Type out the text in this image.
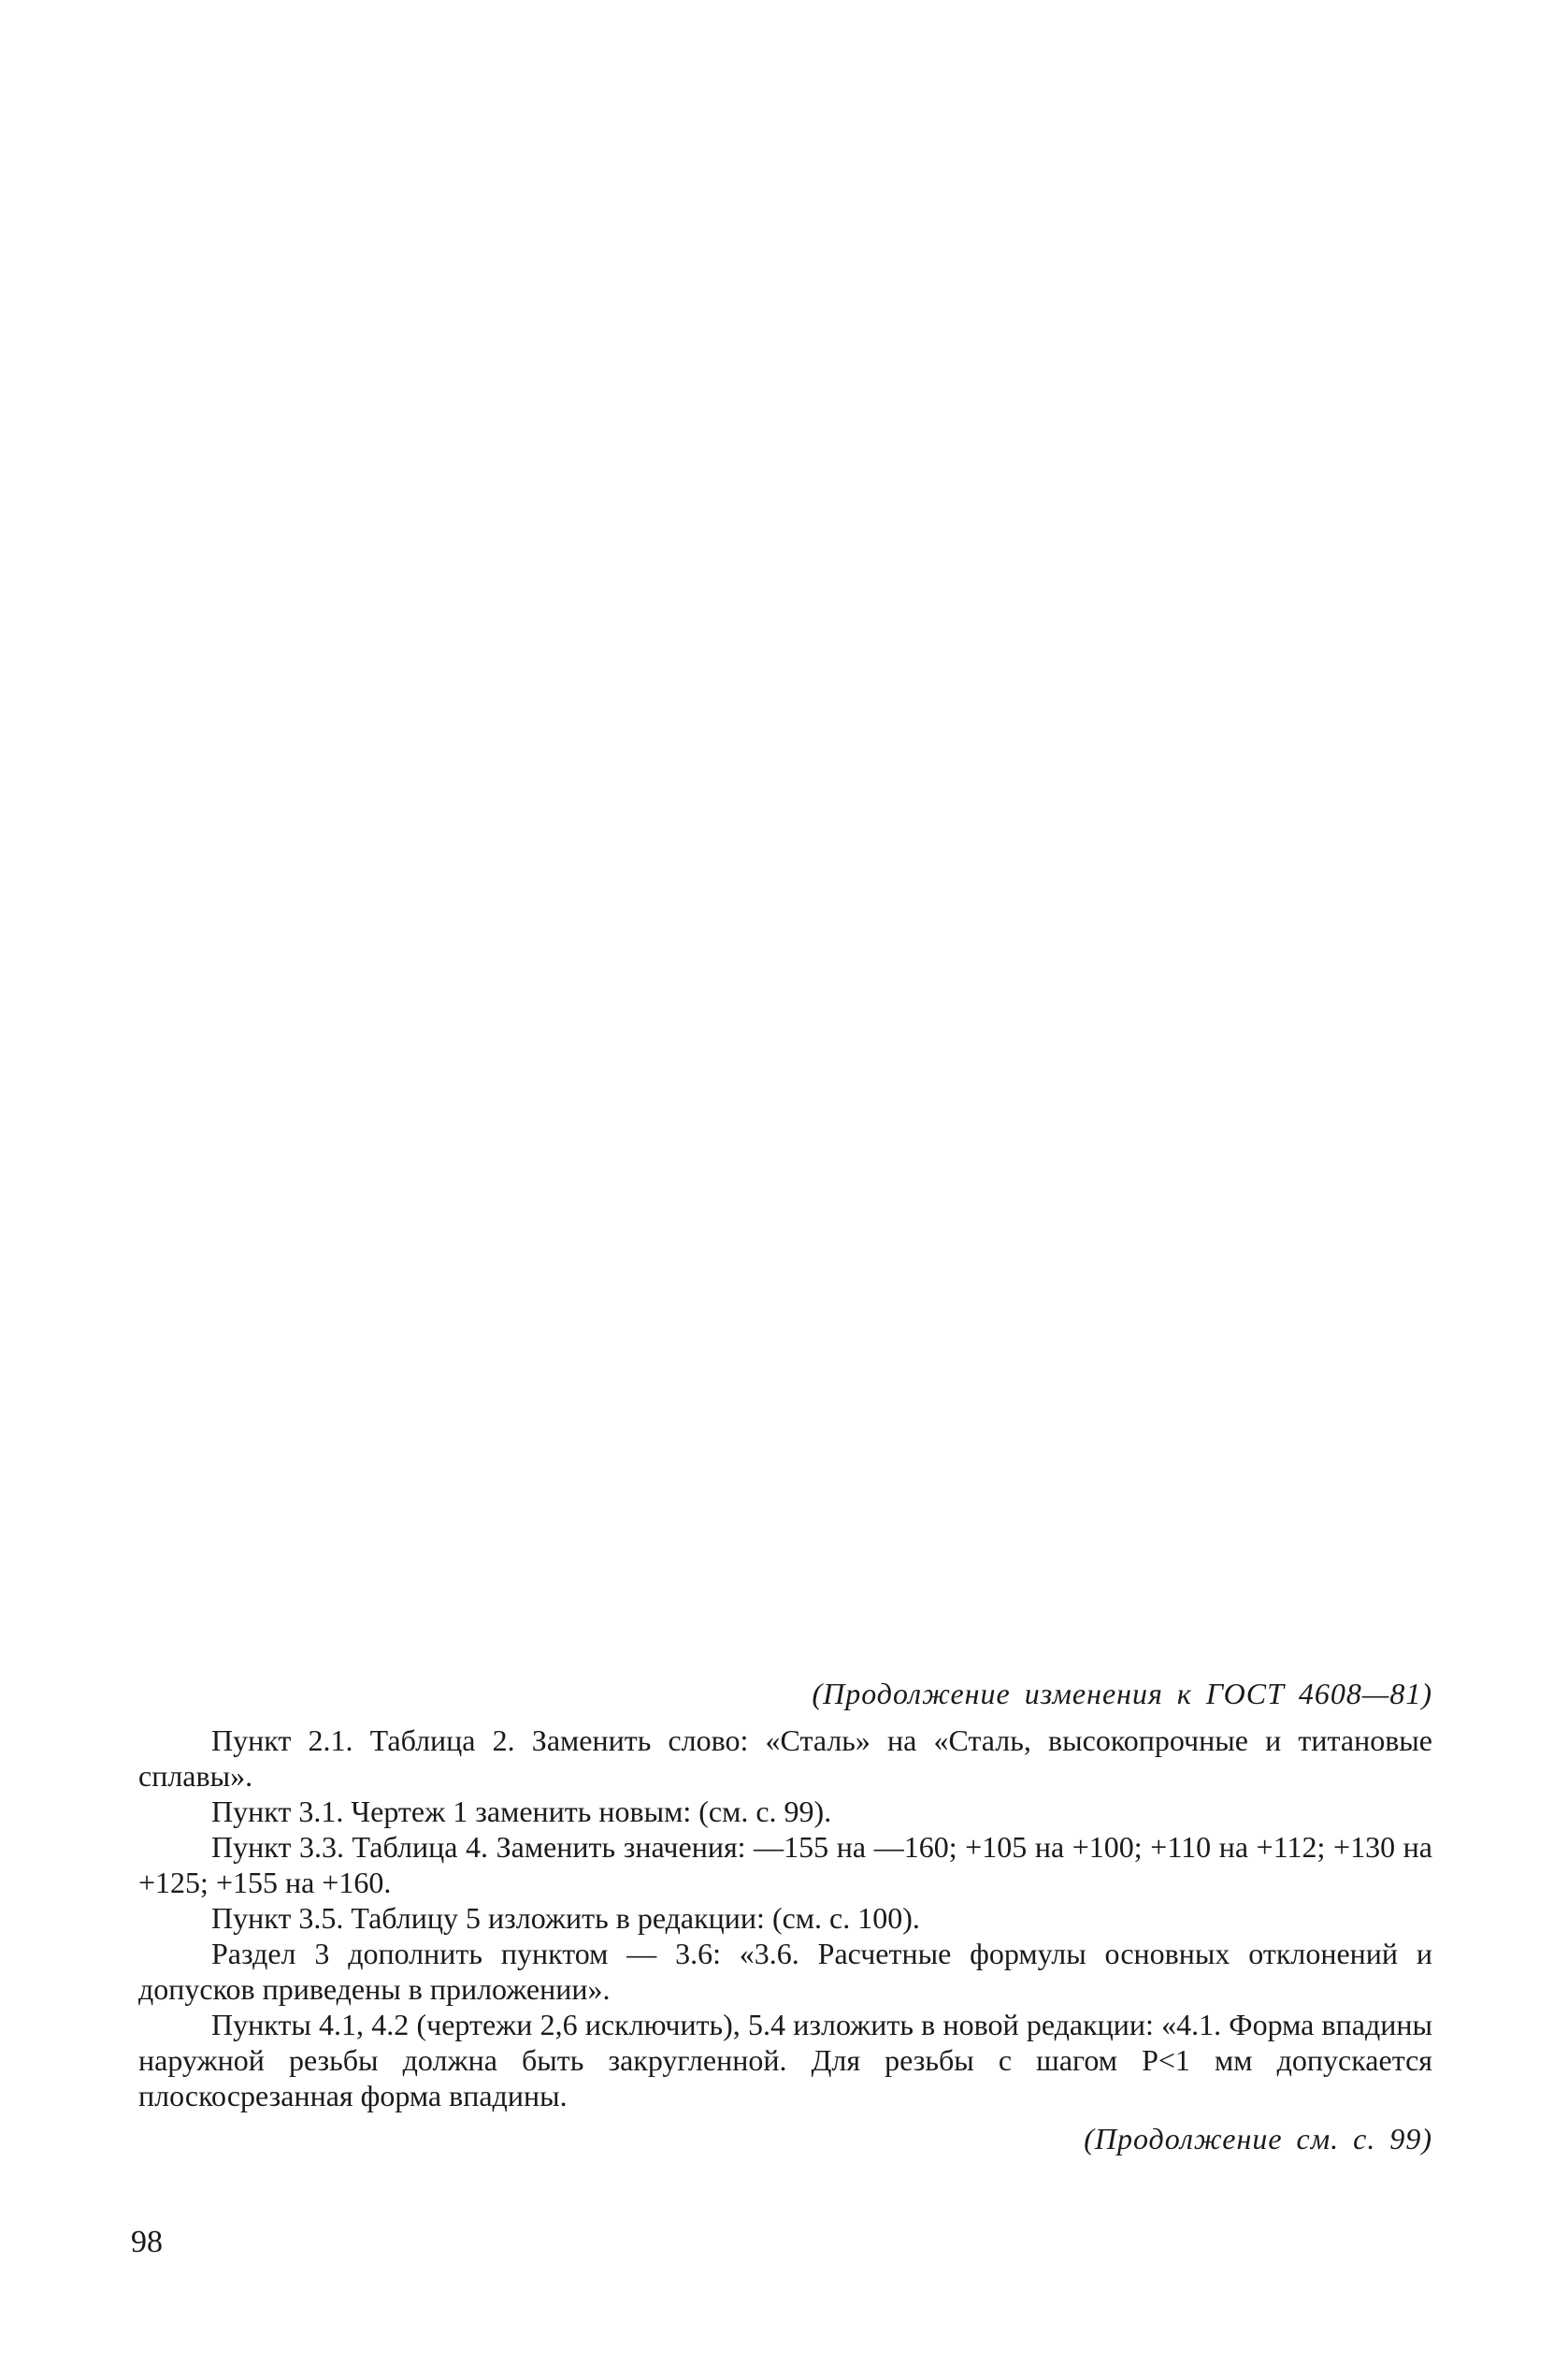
(Продолжение изменения к ГОСТ 4608—81)

Пункт 2.1. Таблица 2. Заменить слово: «Сталь» на «Сталь, высокопрочные и титановые сплавы».

Пункт 3.1. Чертеж 1 заменить новым: (см. с. 99).

Пункт 3.3. Таблица 4. Заменить значения: —155 на —160; +105 на +100; +110 на +112; +130 на +125; +155 на +160.

Пункт 3.5. Таблицу 5 изложить в редакции: (см. с. 100).

Раздел 3 дополнить пунктом — 3.6: «3.6. Расчетные формулы основных отклонений и допусков приведены в приложении».

Пункты 4.1, 4.2 (чертежи 2,6 исключить), 5.4 изложить в новой редакции: «4.1. Форма впадины наружной резьбы должна быть закругленной. Для резьбы с шагом P<1 мм допускается плоскосрезанная форма впадины.

(Продолжение см. с. 99)
98
